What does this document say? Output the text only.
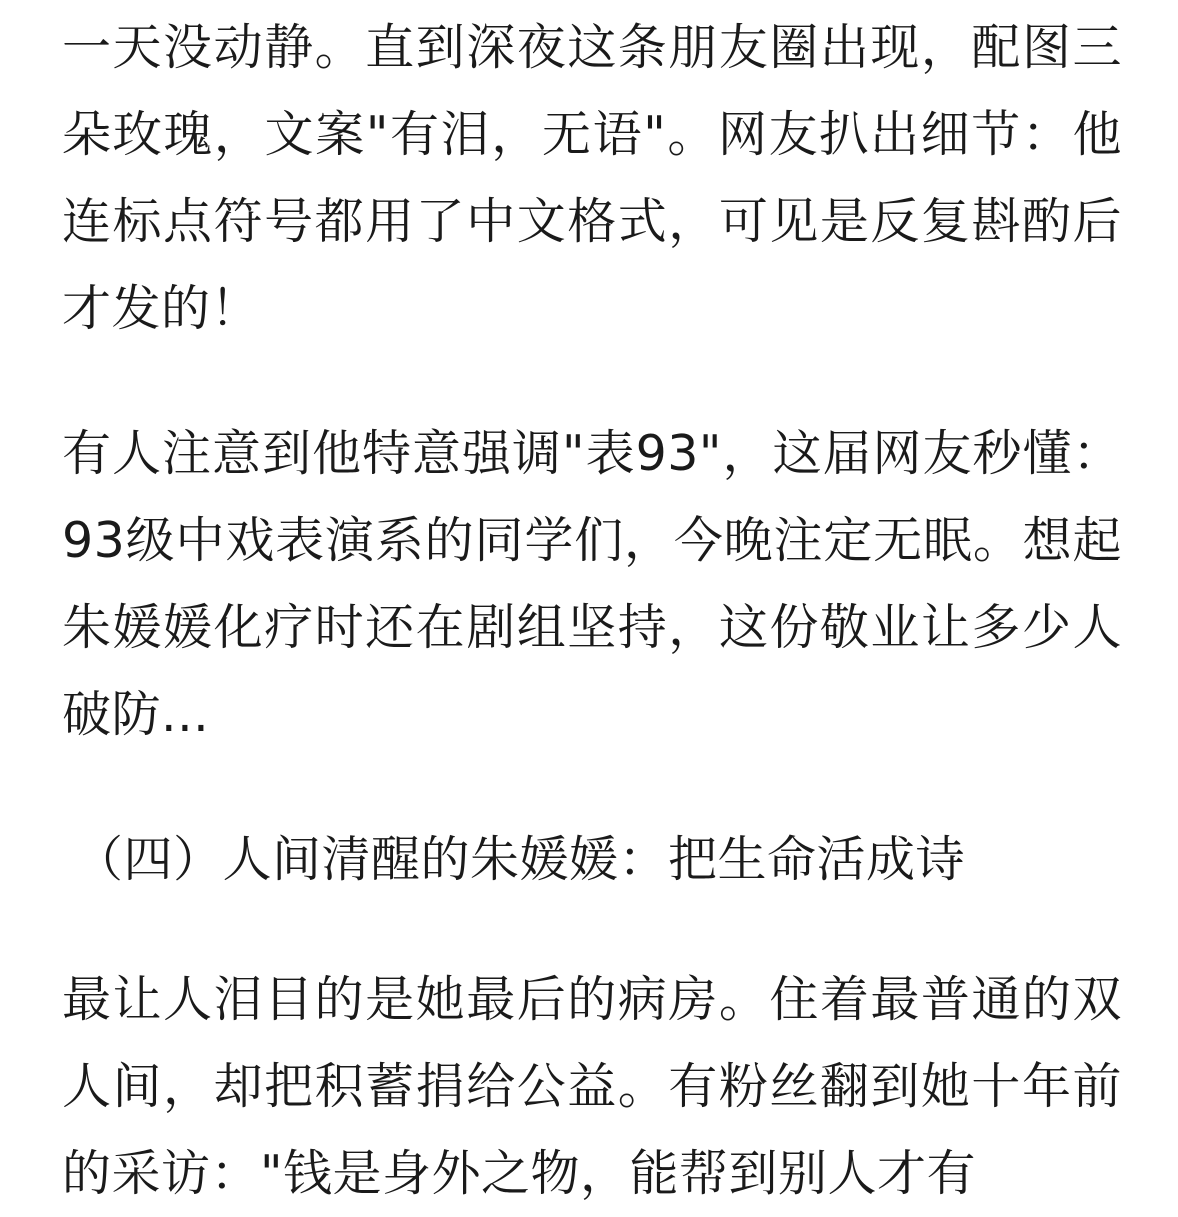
一天没动静。直到深夜这条朋友圈出现，配图三朵玫瑰，文案"有泪，无语"。网友扒出细节：他连标点符号都用了中文格式，可见是反复斟酌后才发的！

有人注意到他特意强调"表93"，这届网友秒懂：93级中戏表演系的同学们，今晚注定无眠。想起朱媛媛化疗时还在剧组坚持，这份敬业让多少人破防...

（四）人间清醒的朱媛媛：把生命活成诗

最让人泪目的是她最后的病房。住着最普通的双人间，却把积蓄捐给公益。有粉丝翻到她十年前的采访："钱是身外之物，能帮到别人才有
